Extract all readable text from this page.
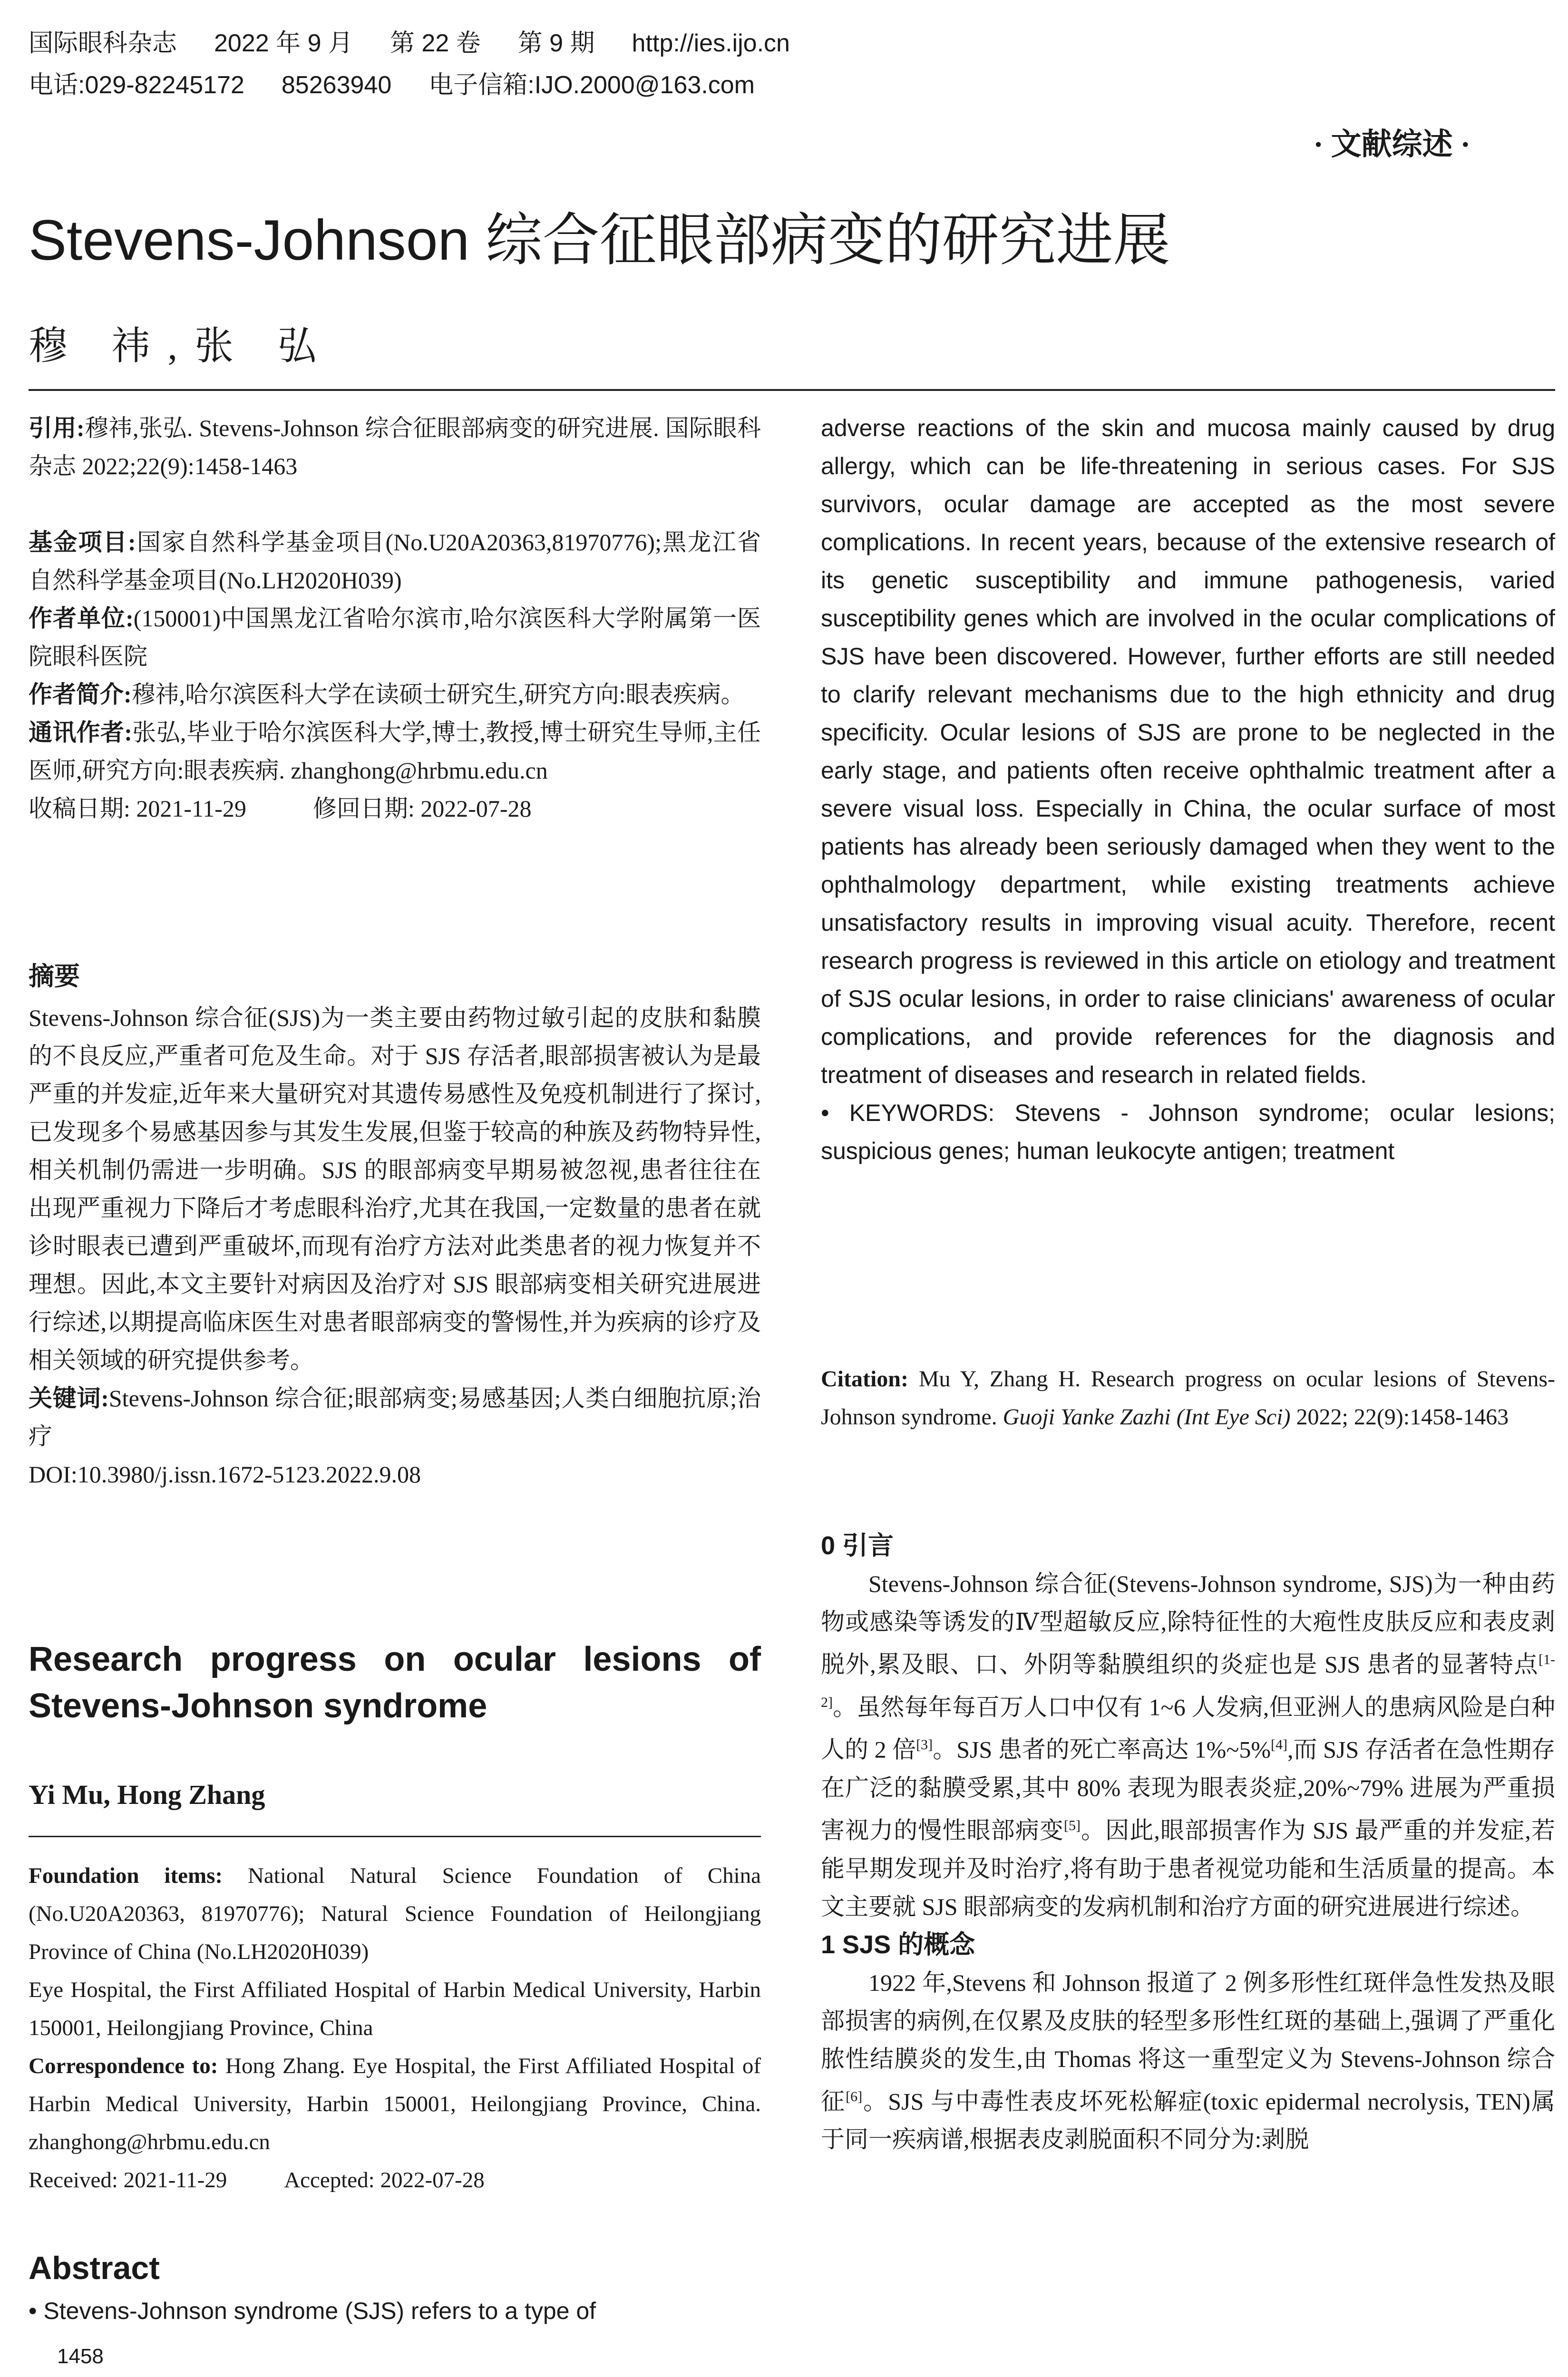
国际眼科杂志 2022 年 9 月 第 22 卷 第 9 期 http://ies.ijo.cn
电话:029-82245172 85263940 电子信箱:IJO.2000@163.com
· 文献综述 ·
Stevens-Johnson 综合征眼部病变的研究进展
穆 祎,张 弘

引用:穆祎,张弘. Stevens-Johnson 综合征眼部病变的研究进展. 国际眼科杂志 2022;22(9):1458-1463

基金项目:国家自然科学基金项目(No.U20A20363,81970776);黑龙江省自然科学基金项目(No.LH2020H039)

作者单位:(150001)中国黑龙江省哈尔滨市,哈尔滨医科大学附属第一医院眼科医院

作者简介:穆祎,哈尔滨医科大学在读硕士研究生,研究方向:眼表疾病。

通讯作者:张弘,毕业于哈尔滨医科大学,博士,教授,博士研究生导师,主任医师,研究方向:眼表疾病. zhanghong@hrbmu.edu.cn

收稿日期: 2021-11-29	修回日期: 2022-07-28

摘要

Stevens-Johnson 综合征(SJS)为一类主要由药物过敏引起的皮肤和黏膜的不良反应,严重者可危及生命。对于 SJS 存活者,眼部损害被认为是最严重的并发症,近年来大量研究对其遗传易感性及免疫机制进行了探讨,已发现多个易感基因参与其发生发展,但鉴于较高的种族及药物特异性,相关机制仍需进一步明确。SJS 的眼部病变早期易被忽视,患者往往在出现严重视力下降后才考虑眼科治疗,尤其在我国,一定数量的患者在就诊时眼表已遭到严重破坏,而现有治疗方法对此类患者的视力恢复并不理想。因此,本文主要针对病因及治疗对 SJS 眼部病变相关研究进展进行综述,以期提高临床医生对患者眼部病变的警惕性,并为疾病的诊疗及相关领域的研究提供参考。

关键词:Stevens-Johnson 综合征;眼部病变;易感基因;人类白细胞抗原;治疗

DOI:10.3980/j.issn.1672-5123.2022.9.08

Research progress on ocular lesions of Stevens-Johnson syndrome
Yi Mu, Hong Zhang

Foundation items: National Natural Science Foundation of China (No.U20A20363, 81970776); Natural Science Foundation of Heilongjiang Province of China (No.LH2020H039)

Eye Hospital, the First Affiliated Hospital of Harbin Medical University, Harbin 150001, Heilongjiang Province, China

Correspondence to: Hong Zhang. Eye Hospital, the First Affiliated Hospital of Harbin Medical University, Harbin 150001, Heilongjiang Province, China. zhanghong@hrbmu.edu.cn

Received: 2021-11-29	Accepted: 2022-07-28

Abstract
• Stevens-Johnson syndrome (SJS) refers to a type of
1458

adverse reactions of the skin and mucosa mainly caused by drug allergy, which can be life-threatening in serious cases. For SJS survivors, ocular damage are accepted as the most severe complications. In recent years, because of the extensive research of its genetic susceptibility and immune pathogenesis, varied susceptibility genes which are involved in the ocular complications of SJS have been discovered. However, further efforts are still needed to clarify relevant mechanisms due to the high ethnicity and drug specificity. Ocular lesions of SJS are prone to be neglected in the early stage, and patients often receive ophthalmic treatment after a severe visual loss. Especially in China, the ocular surface of most patients has already been seriously damaged when they went to the ophthalmology department, while existing treatments achieve unsatisfactory results in improving visual acuity. Therefore, recent research progress is reviewed in this article on etiology and treatment of SJS ocular lesions, in order to raise clinicians' awareness of ocular complications, and provide references for the diagnosis and treatment of diseases and research in related fields.

• KEYWORDS: Stevens - Johnson syndrome; ocular lesions; suspicious genes; human leukocyte antigen; treatment

Citation: Mu Y, Zhang H. Research progress on ocular lesions of Stevens-Johnson syndrome. Guoji Yanke Zazhi (Int Eye Sci) 2022; 22(9):1458-1463

0 引言

Stevens-Johnson 综合征(Stevens-Johnson syndrome, SJS)为一种由药物或感染等诱发的Ⅳ型超敏反应,除特征性的大疱性皮肤反应和表皮剥脱外,累及眼、口、外阴等黏膜组织的炎症也是 SJS 患者的显著特点[1-2]。虽然每年每百万人口中仅有 1~6 人发病,但亚洲人的患病风险是白种人的 2 倍[3]。SJS 患者的死亡率高达 1%~5%[4],而 SJS 存活者在急性期存在广泛的黏膜受累,其中 80% 表现为眼表炎症,20%~79% 进展为严重损害视力的慢性眼部病变[5]。因此,眼部损害作为 SJS 最严重的并发症,若能早期发现并及时治疗,将有助于患者视觉功能和生活质量的提高。本文主要就 SJS 眼部病变的发病机制和治疗方面的研究进展进行综述。

1 SJS 的概念

1922 年,Stevens 和 Johnson 报道了 2 例多形性红斑伴急性发热及眼部损害的病例,在仅累及皮肤的轻型多形性红斑的基础上,强调了严重化脓性结膜炎的发生,由 Thomas 将这一重型定义为 Stevens-Johnson 综合征[6]。SJS 与中毒性表皮坏死松解症(toxic epidermal necrolysis, TEN)属于同一疾病谱,根据表皮剥脱面积不同分为:剥脱
